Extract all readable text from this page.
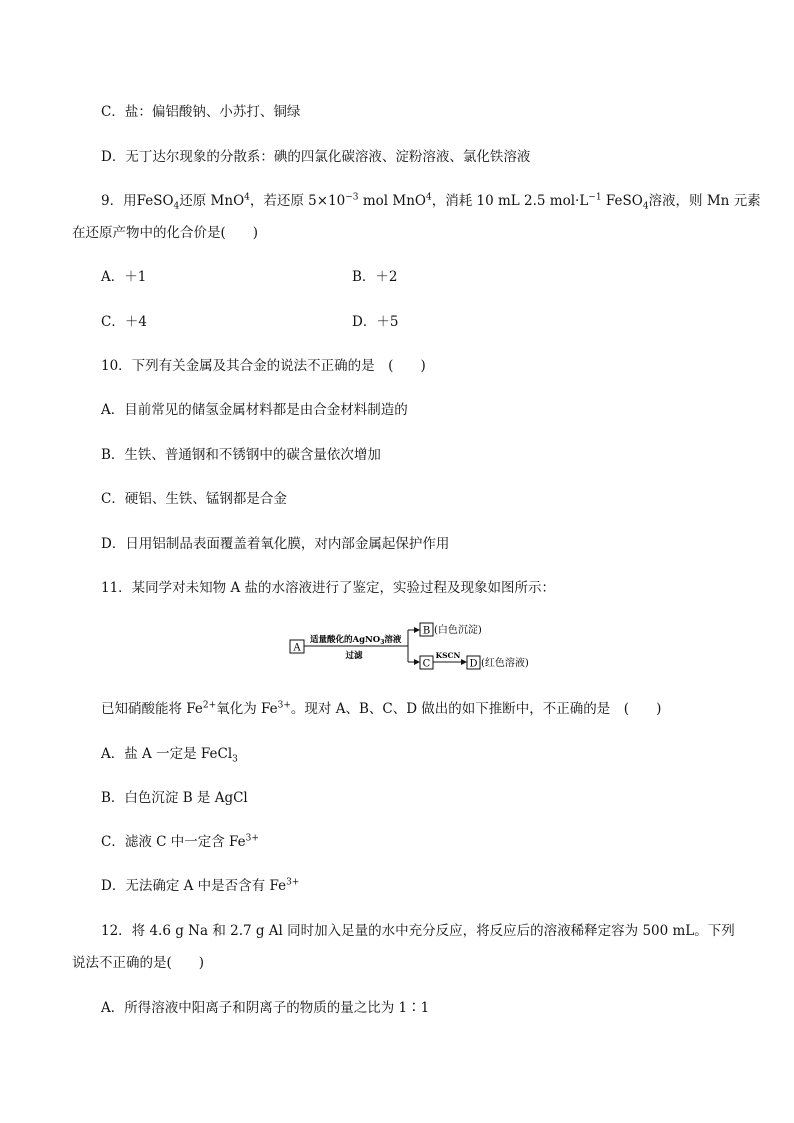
C．盐：偏铝酸钠、小苏打、铜绿
D．无丁达尔现象的分散系：碘的四氯化碳溶液、淀粉溶液、氯化铁溶液
9．用FeSO$_4$还原 MnO$^4$，若还原 $5\times 10^{-3}$ mol MnO$^4$，消耗 10 mL 2.5 $mol\cdot L^{-1}$ FeSO$_4$溶液，则 Mn 元素
在还原产物中的化合价是(　　)
A．＋1	B．＋2
C．＋4	D．＋5
10．下列有关金属及其合金的说法不正确的是　(　　)
A．目前常见的储氢金属材料都是由合金材料制造的
B．生铁、普通钢和不锈钢中的碳含量依次增加
C．硬铝、生铁、锰钢都是合金
D．日用铝制品表面覆盖着氧化膜，对内部金属起保护作用
11．某同学对未知物 A 盐的水溶液进行了鉴定，实验过程及现象如图所示：
A
适量酸化的AgNO$_3$溶液
过滤
B (白色沉淀)
C
KSCN
D (红色溶液)
已知硝酸能将 $Fe^{2+}$氧化为 $Fe^{3+}$。现对 A、B、C、D 做出的如下推断中，不正确的是　(　　)
A．盐 A 一定是 FeCl$_3$
B．白色沉淀 B 是 AgCl
C．滤液 C 中一定含 $Fe^{3+}$
D．无法确定 A 中是否含有 $Fe^{3+}$
12．将 4.6 g Na 和 2.7 g Al 同时加入足量的水中充分反应，将反应后的溶液稀释定容为 500 mL。下列
说法不正确的是(　　)
A．所得溶液中阳离子和阴离子的物质的量之比为 1∶1
